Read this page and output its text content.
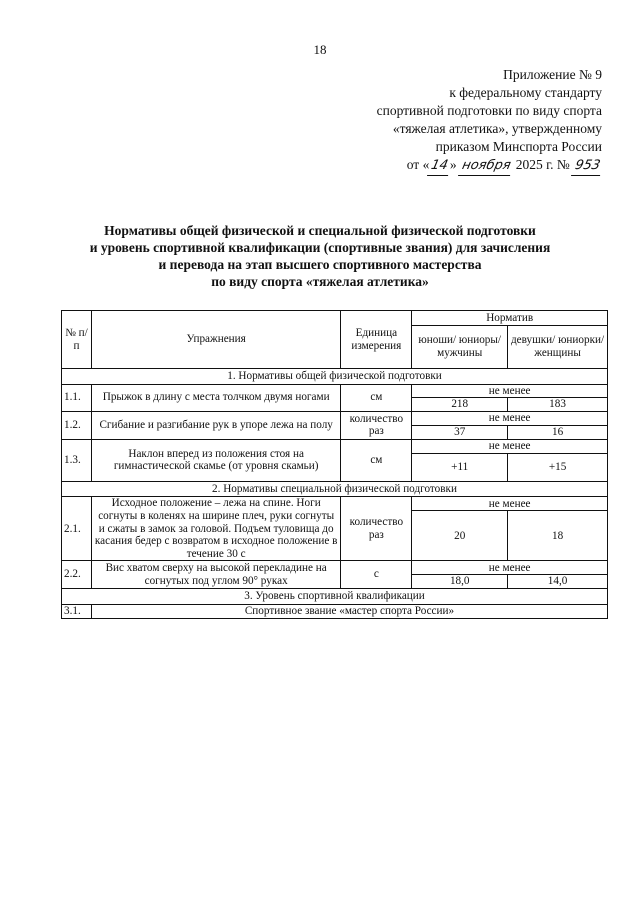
18
Приложение № 9
к федеральному стандарту
спортивной подготовки по виду спорта
«тяжелая атлетика», утвержденному
приказом Минспорта России
от «14» ноября 2025 г. № 953
Нормативы общей физической и специальной физической подготовки
и уровень спортивной квалификации (спортивные звания) для зачисления
и перевода на этап высшего спортивного мастерства
по виду спорта «тяжелая атлетика»
№ п/п	Упражнения	Единица измерения	Норматив	
			юноши/ юниоры/ мужчины	девушки/ юниорки/ женщины
1. Нормативы общей физической подготовки				
1.1.	Прыжок в длину с места толчком двумя ногами	см	не менее	
			218	183
1.2.	Сгибание и разгибание рук в упоре лежа на полу	количество раз	не менее	
			37	16
1.3.	Наклон вперед из положения стоя на гимнастической скамье (от уровня скамьи)	см	не менее	
			+11	+15
2. Нормативы специальной физической подготовки				
2.1.	Исходное положение – лежа на спине. Ноги согнуты в коленях на ширине плеч, руки согнуты и сжаты в замок за головой. Подъем туловища до касания бедер с возвратом в исходное положение в течение 30 с	количество раз	не менее	
			20	18
2.2.	Вис хватом сверху на высокой перекладине на согнутых под углом 90° руках	с	не менее	
			18,0	14,0
3. Уровень спортивной квалификации				
3.1.	Спортивное звание «мастер спорта России»			
